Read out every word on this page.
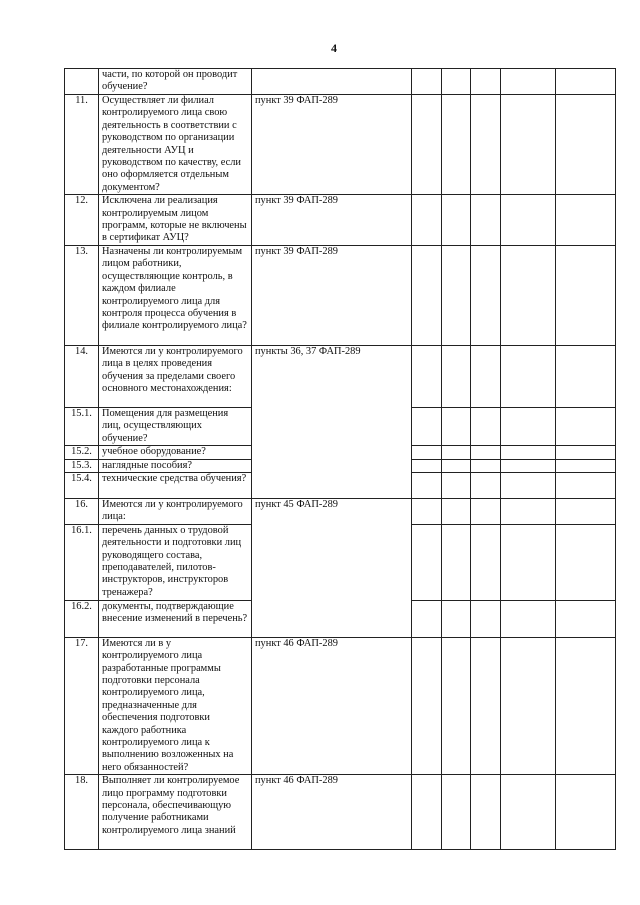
4
	части, по которой он проводит обучение?						
11.	Осуществляет ли филиал контролируемого лица свою деятельность в соответствии с руководством по организации деятельности АУЦ и руководством по качеству, если оно оформляется отдельным документом?	пункт 39 ФАП-289					
12.	Исключена ли реализация контролируемым лицом программ, которые не включены в сертификат АУЦ?	пункт 39 ФАП-289					
13.	Назначены ли контролируемым лицом работники, осуществляющие контроль, в каждом филиале контролируемого лица для контроля процесса обучения в филиале контролируемого лица?	пункт 39 ФАП-289					
14.	Имеются ли у контролируемого лица в целях проведения обучения за пределами своего основного местонахождения:	пункты 36, 37 ФАП-289					
15.1.	Помещения для размещения лиц, осуществляющих обучение?						
15.2.	учебное оборудование?						
15.3.	наглядные пособия?						
15.4.	технические средства обучения?						
16.	Имеются ли у контролируемого лица:	пункт 45 ФАП-289					
16.1.	перечень данных о трудовой деятельности и подготовки лиц руководящего состава, преподавателей, пилотов-инструкторов, инструкторов тренажера?						
16.2.	документы, подтверждающие внесение изменений в перечень?						
17.	Имеются ли в у контролируемого лица разработанные программы подготовки персонала контролируемого лица, предназначенные для обеспечения подготовки каждого работника контролируемого лица к выполнению возложенных на него обязанностей?	пункт 46 ФАП-289					
18.	Выполняет ли контролируемое лицо программу подготовки персонала, обеспечивающую получение работниками контролируемого лица знаний	пункт 46 ФАП-289					
